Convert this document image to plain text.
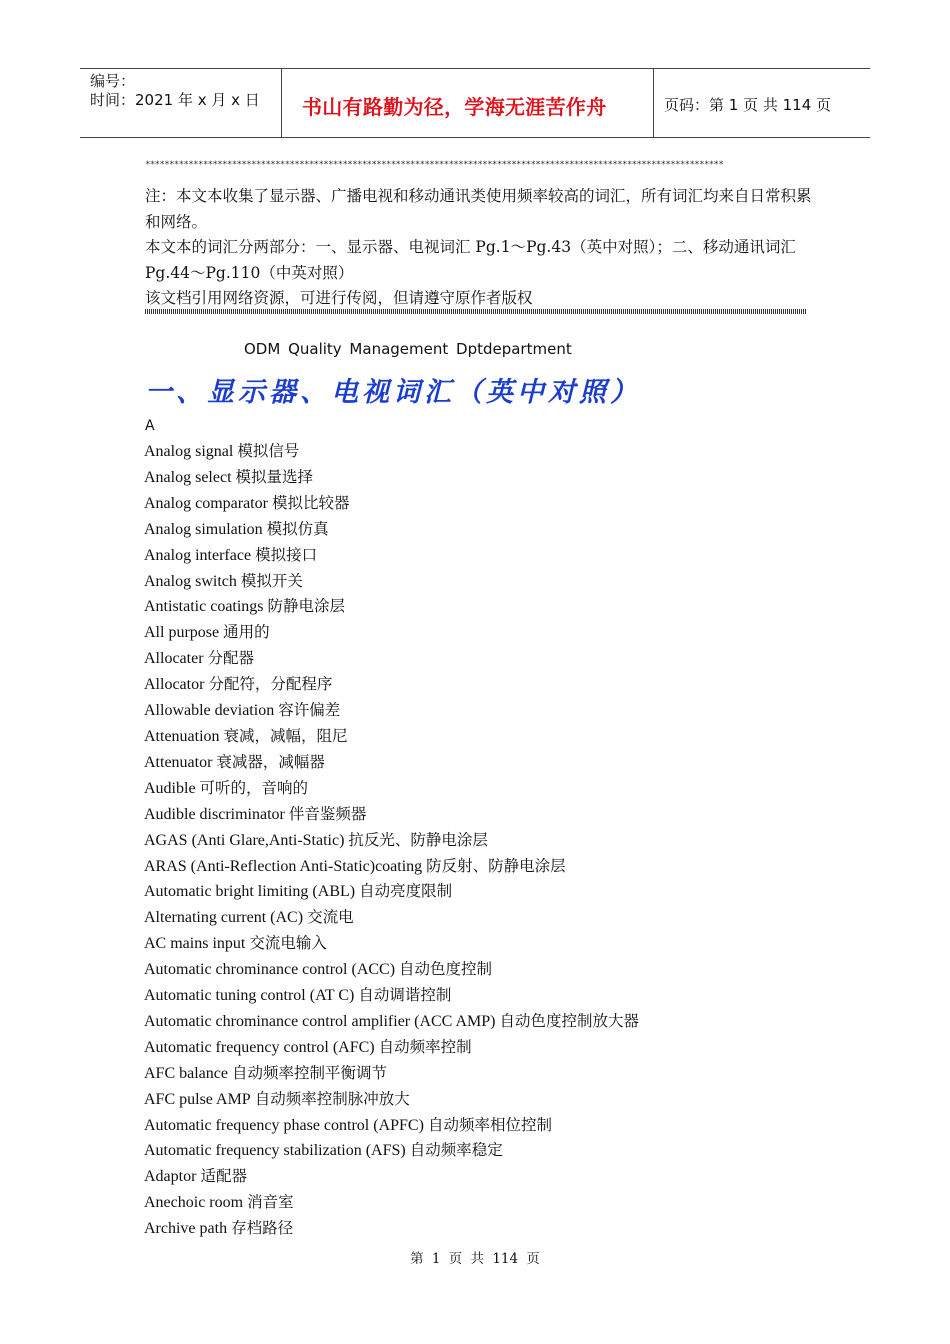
编号：
时间：2021 年 x 月 x 日 书山有路勤为径，学海无涯苦作舟	页码：第 1 页 共 114 页
************************************************************************************************************************

注：本文本收集了显示器、广播电视和移动通讯类使用频率较高的词汇，所有词汇均来自日常积累和网络。

本文本的词汇分两部分：一、显示器、电视词汇 Pg.1～Pg.43（英中对照）；二、移动通讯词汇 Pg.44～Pg.110（中英对照）

该文档引用网络资源，可进行传阅，但请遵守原作者版权

ODM Quality Management Dptdepartment
一、显示器、电视词汇（英中对照）
A
Analog signal 模拟信号
Analog select 模拟量选择
Analog comparator 模拟比较器
Analog simulation 模拟仿真
Analog interface 模拟接口
Analog switch 模拟开关
Antistatic coatings 防静电涂层
All purpose 通用的
Allocater 分配器
Allocator 分配符，分配程序
Allowable deviation 容许偏差
Attenuation 衰减，减幅，阻尼
Attenuator 衰减器，减幅器
Audible 可听的，音响的
Audible discriminator 伴音鉴频器
AGAS (Anti Glare,Anti-Static) 抗反光、防静电涂层
ARAS (Anti-Reflection Anti-Static)coating 防反射、防静电涂层
Automatic bright limiting (ABL) 自动亮度限制
Alternating current (AC) 交流电
AC mains input 交流电输入
Automatic chrominance control (ACC) 自动色度控制
Automatic tuning control (AT C) 自动调谐控制
Automatic chrominance control amplifier (ACC AMP) 自动色度控制放大器
Automatic frequency control (AFC) 自动频率控制
AFC balance 自动频率控制平衡调节
AFC pulse AMP 自动频率控制脉冲放大
Automatic frequency phase control (APFC) 自动频率相位控制
Automatic frequency stabilization (AFS) 自动频率稳定
Adaptor 适配器
Anechoic room 消音室
Archive path 存档路径
第 1 页 共 114 页
